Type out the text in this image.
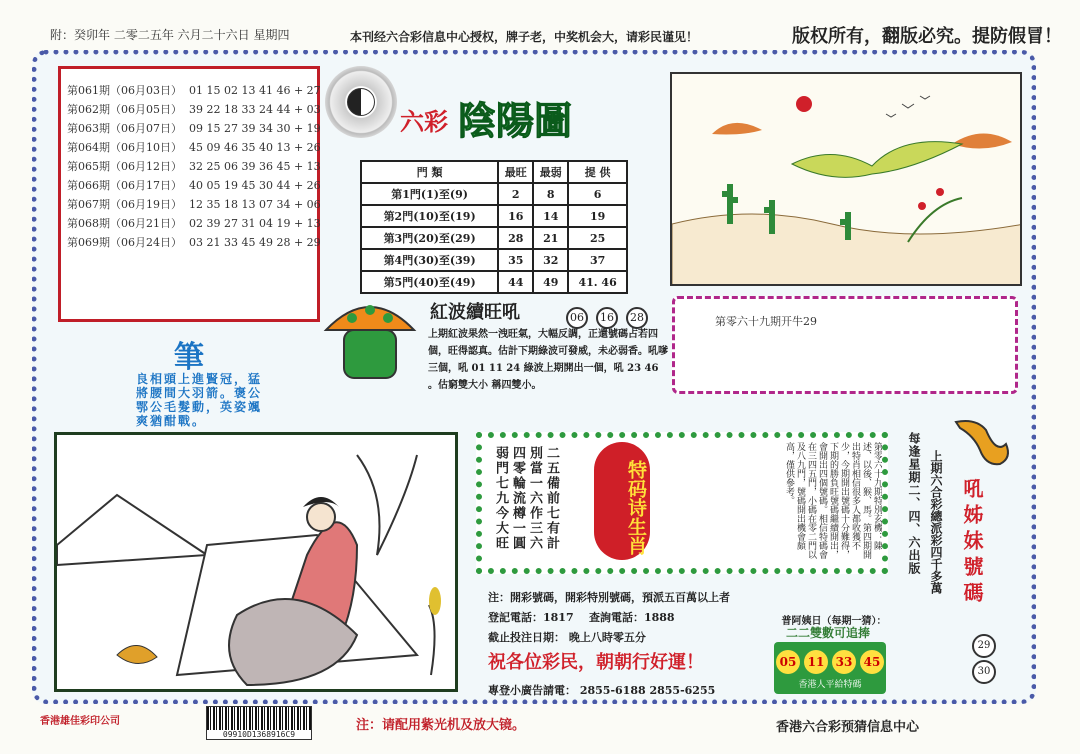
附：癸卯年 二零二五年 六月二十六日 星期四	本刊经六合彩信息中心授权，牌子老，中奖机会大，请彩民谨见！	版权所有，翻版必究。提防假冒！
第061期（06月03日）  01 15 02 13 41 46 + 27
第062期（06月05日）  39 22 18 33 24 44 + 03
第063期（06月07日）  09 15 27 39 34 30 + 19
第064期（06月10日）  45 09 46 35 40 13 + 26
第065期（06月12日）  32 25 06 39 36 45 + 13
第066期（06月17日）  40 05 19 45 30 44 + 26
第067期（06月19日）  12 35 18 13 07 34 + 06
第068期（06月21日）  02 39 27 31 04 19 + 13
第069期（06月24日）  03 21 33 45 49 28 + 29
六彩 陰陽圖
門 類	最旺	最弱	提 供
第1門(1)至(9)	2	8	6
第2門(10)至(19)	16	14	19
第3門(20)至(29)	28	21	25
第4門(30)至(39)	35	32	37
第5門(40)至(49)	44	49	41. 46
第零六十九期开牛29
紅波續旺吼	06 16 28
上期紅波果然一洩旺氣，大幅反調，正還號碼占若四個，旺得認真。估計下期綠波可發威，未必弱香。吼嗲三個，吼 01 11 24 綠波上期開出一個，吼 23 46 。估窮雙大小 稱四雙小。
筆
良相頭上進賢冠，猛將腰間大羽箭。褒公鄂公毛髮動，英姿颯爽猶酣戰。
二五備前七有計 別當一六作三六 四零輪流樽一圓 弱門七九今大旺	特码诗生肖	第零六十九期特別玄機：陳述、以後、猴、馬。第四期開出特肖相信很多人都收獲不少，今期開出號碼十分難得，下期的勝負旺號碼繼續開出，會開出四個號碼。相信特碼會在三四五門，小碼在零二門以及八九門，號碼開出機會頗高，僅供參考。
注：開彩號碼，開彩特別號碼，預派五百萬以上者
登記電話：1817 查詢電話：1888
截止投注日期： 晚上八時零五分
祝各位彩民，朝朝行好運！
專登小廣告請電： 2855-6188 2855-6255
普阿姨日（每期一猜）：
二二雙數可追捧
05 11 33 45
香港人平給特碼
每逢星期二、四、六出版 上期六合彩總派彩四千多萬 吼姊妹號碼
29
30
香港雄佳彩印公司
09910D1368916C9
注：请配用紫光机及放大镜。	香港六合彩预猜信息中心
